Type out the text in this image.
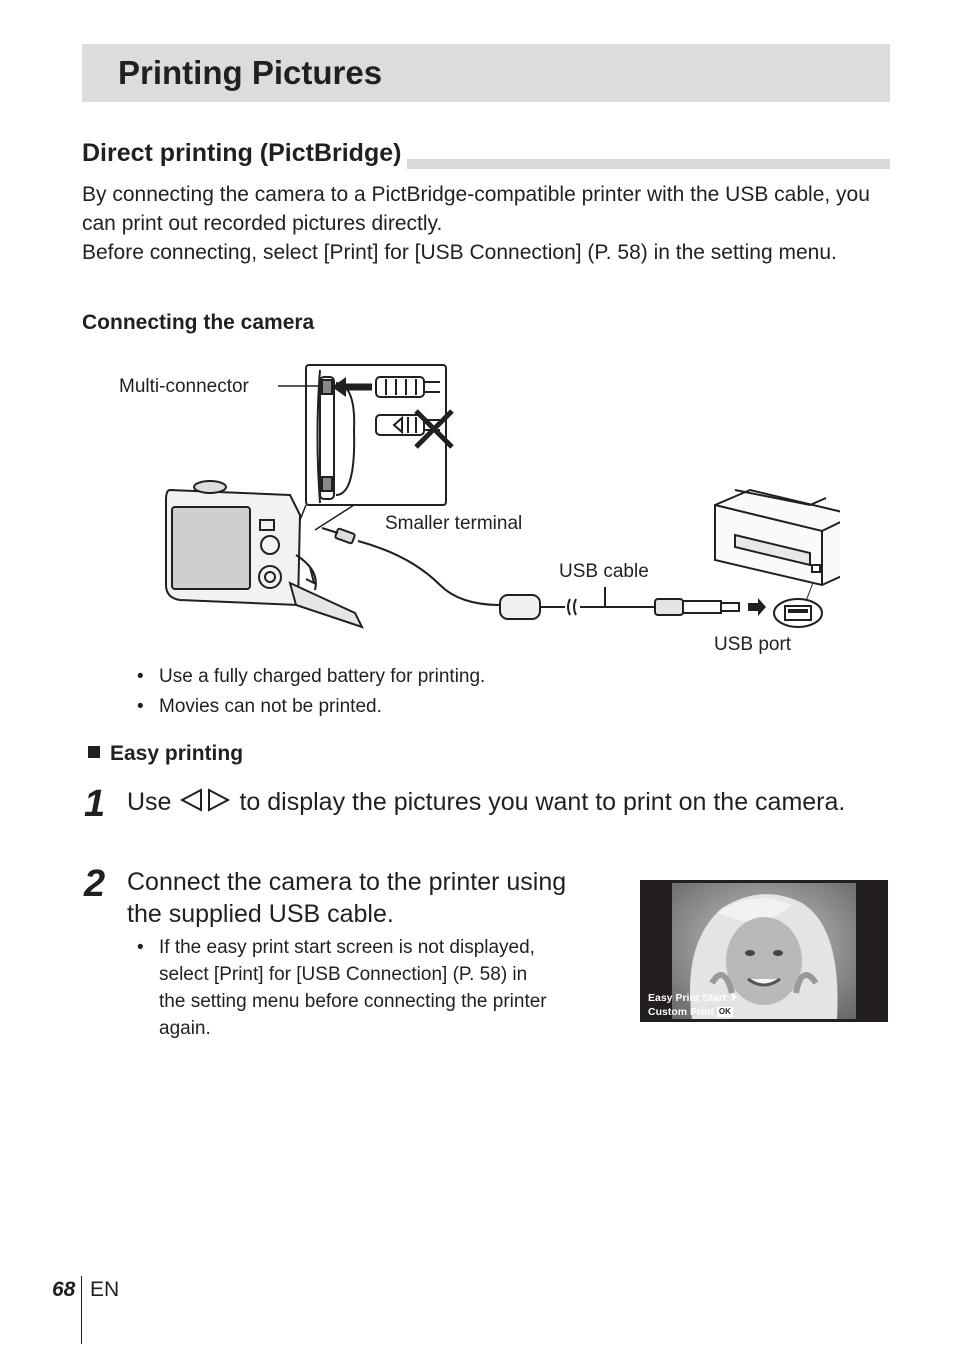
Printing Pictures
Direct printing (PictBridge)
By connecting the camera to a PictBridge-compatible printer with the USB cable, you can print out recorded pictures directly.
Before connecting, select [Print] for [USB Connection] (P. 58) in the setting menu.
Connecting the camera
Multi-connector
Smaller terminal
USB cable
USB port
• Use a fully charged battery for printing.
• Movies can not be printed.
Easy printing
1 Use	to display the pictures you want to print on the camera.
2 Connect the camera to the printer using the supplied USB cable.
• If the easy print start screen is not displayed, select [Print] for [USB Connection] (P. 58) in the setting menu before connecting the printer again.
Easy Print Start
Custom Print OK
68 EN
